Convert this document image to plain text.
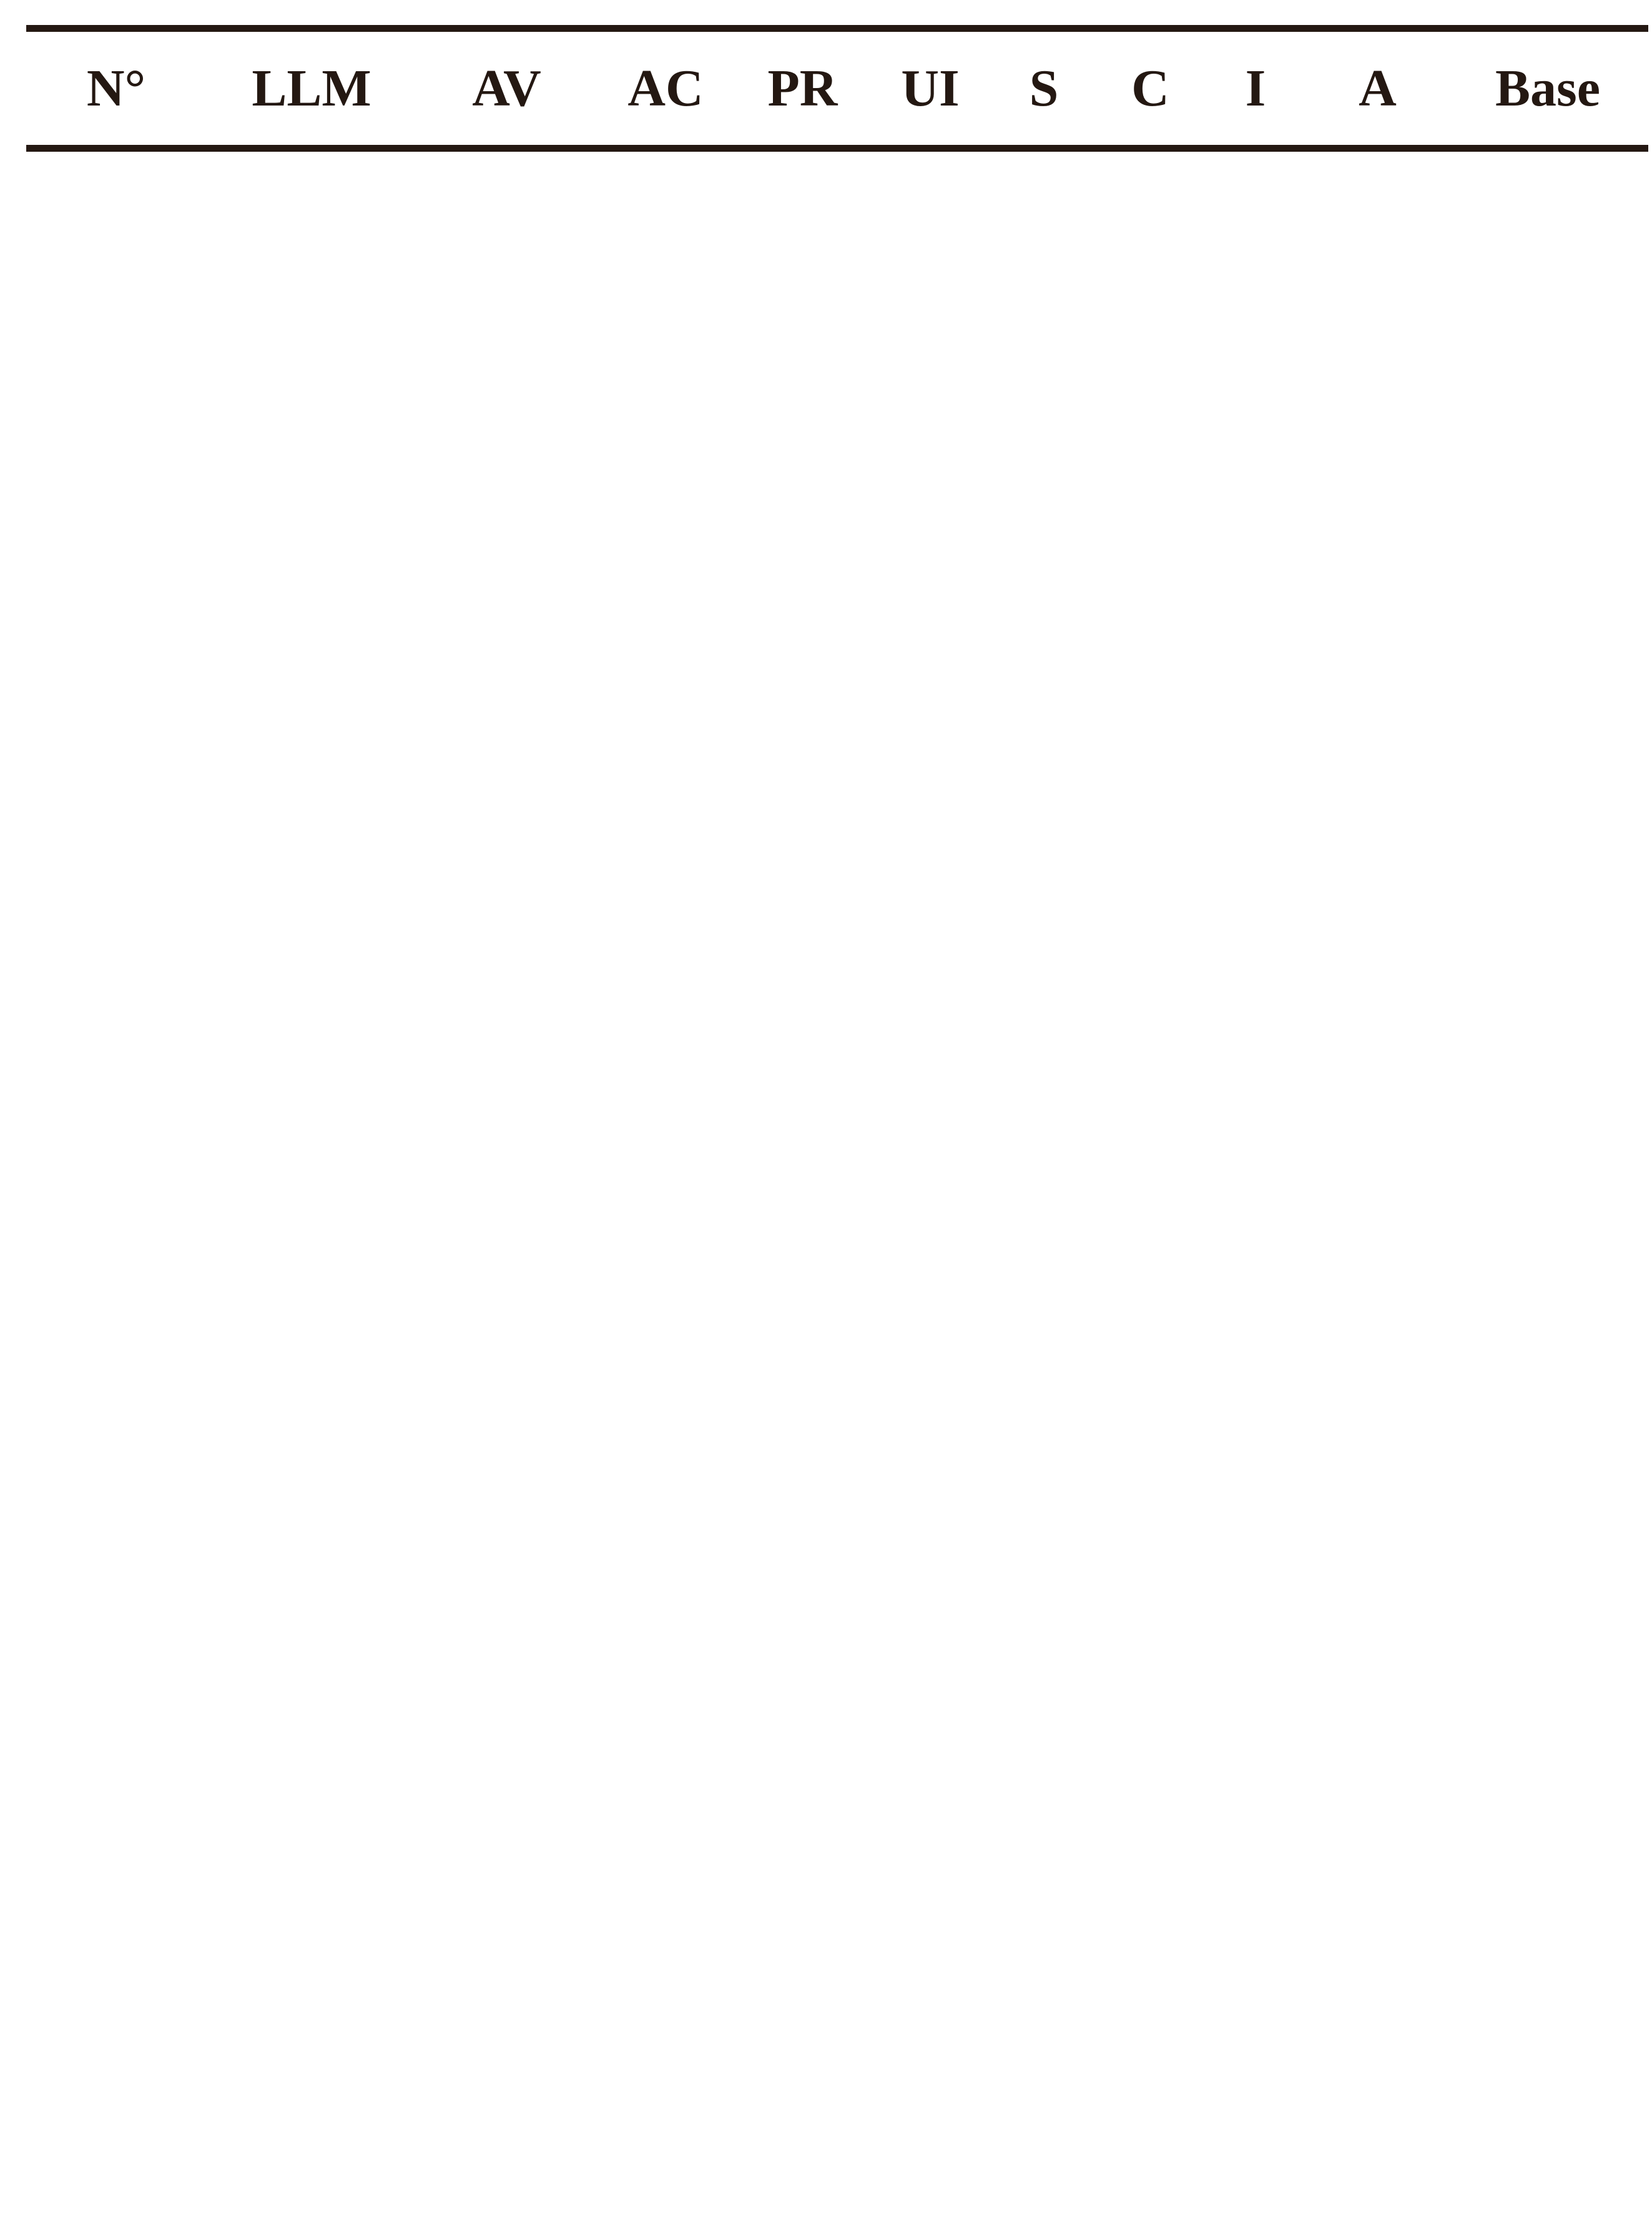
N°	LLM	AV	AC	PR	UI	S	C	I	A	Base
